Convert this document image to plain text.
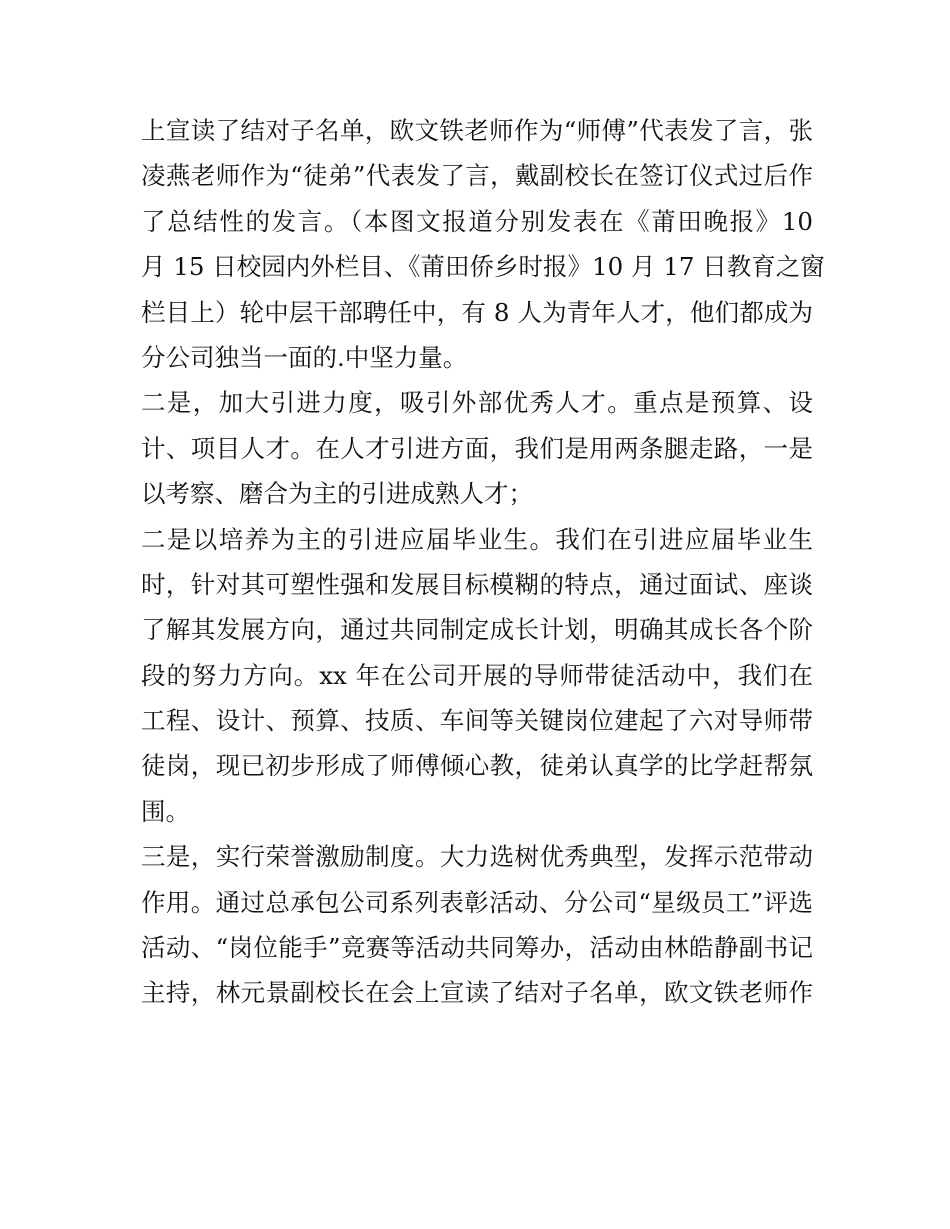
上宣读了结对子名单，欧文铁老师作为“师傅”代表发了言，张
凌燕老师作为“徒弟”代表发了言，戴副校长在签订仪式过后作
了总结性的发言。（本图文报道分别发表在《莆田晚报》10
月 15 日校园内外栏目、《莆田侨乡时报》10 月 17 日教育之窗
栏目上）轮中层干部聘任中，有 8 人为青年人才，他们都成为
分公司独当一面的.中坚力量。
二是，加大引进力度，吸引外部优秀人才。重点是预算、设
计、项目人才。在人才引进方面，我们是用两条腿走路，一是
以考察、磨合为主的引进成熟人才；
二是以培养为主的引进应届毕业生。我们在引进应届毕业生
时，针对其可塑性强和发展目标模糊的特点，通过面试、座谈
了解其发展方向，通过共同制定成长计划，明确其成长各个阶
段的努力方向。xx 年在公司开展的导师带徒活动中，我们在
工程、设计、预算、技质、车间等关键岗位建起了六对导师带
徒岗，现已初步形成了师傅倾心教，徒弟认真学的比学赶帮氛
围。
三是，实行荣誉激励制度。大力选树优秀典型，发挥示范带动
作用。通过总承包公司系列表彰活动、分公司“星级员工”评选
活动、“岗位能手”竞赛等活动共同筹办，活动由林皓静副书记
主持，林元景副校长在会上宣读了结对子名单，欧文铁老师作
